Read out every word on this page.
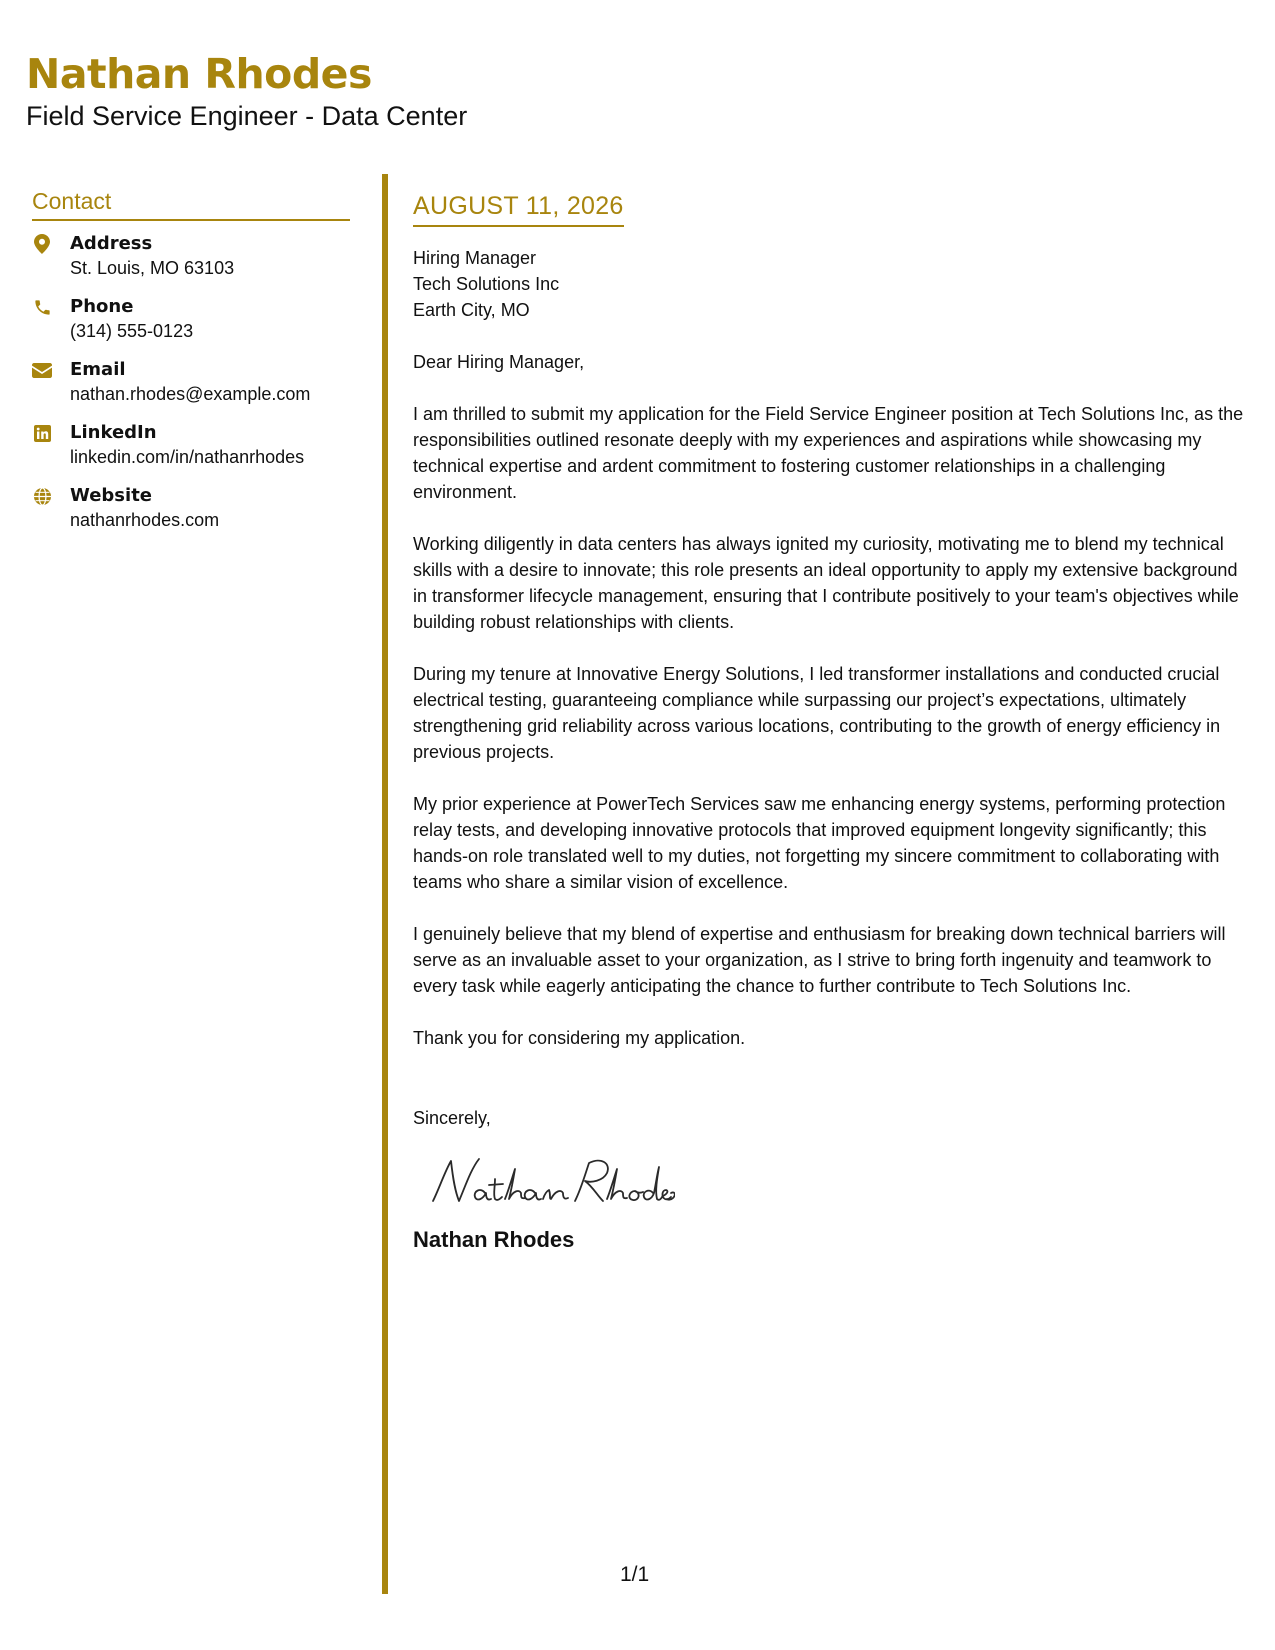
Nathan Rhodes
Field Service Engineer - Data Center
Contact
Address
St. Louis, MO 63103
Phone
(314) 555-0123
Email
nathan.rhodes@example.com
LinkedIn
linkedin.com/in/nathanrhodes
Website
nathanrhodes.com
AUGUST 11, 2026
Hiring Manager
Tech Solutions Inc
Earth City, MO
Dear Hiring Manager,
I am thrilled to submit my application for the Field Service Engineer position at Tech Solutions Inc, as the responsibilities outlined resonate deeply with my experiences and aspirations while showcasing my technical expertise and ardent commitment to fostering customer relationships in a challenging environment.
Working diligently in data centers has always ignited my curiosity, motivating me to blend my technical skills with a desire to innovate; this role presents an ideal opportunity to apply my extensive background in transformer lifecycle management, ensuring that I contribute positively to your team's objectives while building robust relationships with clients.
During my tenure at Innovative Energy Solutions, I led transformer installations and conducted crucial electrical testing, guaranteeing compliance while surpassing our project’s expectations, ultimately strengthening grid reliability across various locations, contributing to the growth of energy efficiency in previous projects.
My prior experience at PowerTech Services saw me enhancing energy systems, performing protection relay tests, and developing innovative protocols that improved equipment longevity significantly; this hands-on role translated well to my duties, not forgetting my sincere commitment to collaborating with teams who share a similar vision of excellence.
I genuinely believe that my blend of expertise and enthusiasm for breaking down technical barriers will serve as an invaluable asset to your organization, as I strive to bring forth ingenuity and teamwork to every task while eagerly anticipating the chance to further contribute to Tech Solutions Inc.
Thank you for considering my application.
Sincerely,
Nathan Rhodes
1/1
